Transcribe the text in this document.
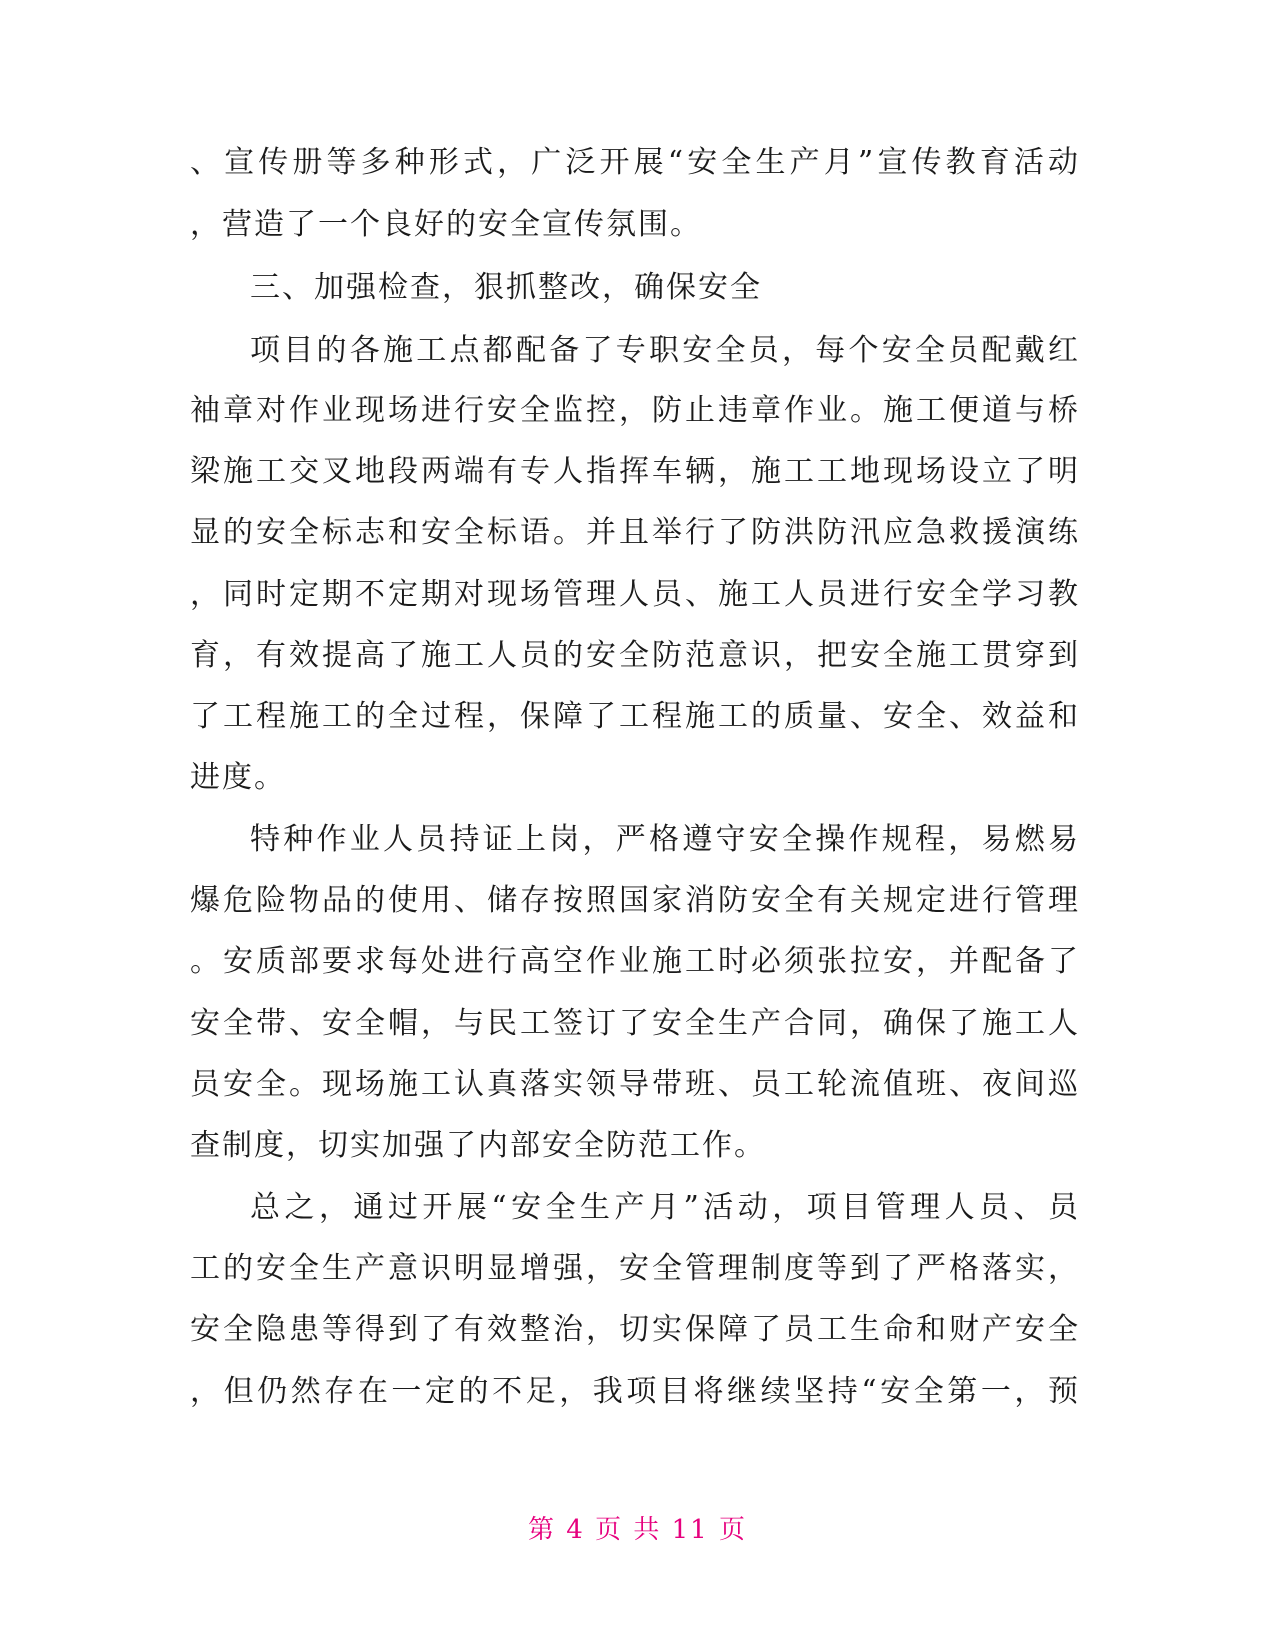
、宣传册等多种形式，广泛开展“安全生产月”宣传教育活动
，营造了一个良好的安全宣传氛围。
三、加强检查，狠抓整改，确保安全
项目的各施工点都配备了专职安全员，每个安全员配戴红
袖章对作业现场进行安全监控，防止违章作业。施工便道与桥
梁施工交叉地段两端有专人指挥车辆，施工工地现场设立了明
显的安全标志和安全标语。并且举行了防洪防汛应急救援演练
，同时定期不定期对现场管理人员、施工人员进行安全学习教
育，有效提高了施工人员的安全防范意识，把安全施工贯穿到
了工程施工的全过程，保障了工程施工的质量、安全、效益和
进度。
特种作业人员持证上岗，严格遵守安全操作规程，易燃易
爆危险物品的使用、储存按照国家消防安全有关规定进行管理
。安质部要求每处进行高空作业施工时必须张拉安，并配备了
安全带、安全帽，与民工签订了安全生产合同，确保了施工人
员安全。现场施工认真落实领导带班、员工轮流值班、夜间巡
查制度，切实加强了内部安全防范工作。
总之，通过开展“安全生产月”活动，项目管理人员、员
工的安全生产意识明显增强，安全管理制度等到了严格落实，
安全隐患等得到了有效整治，切实保障了员工生命和财产安全
，但仍然存在一定的不足，我项目将继续坚持“安全第一，预
第 4 页 共 11 页
